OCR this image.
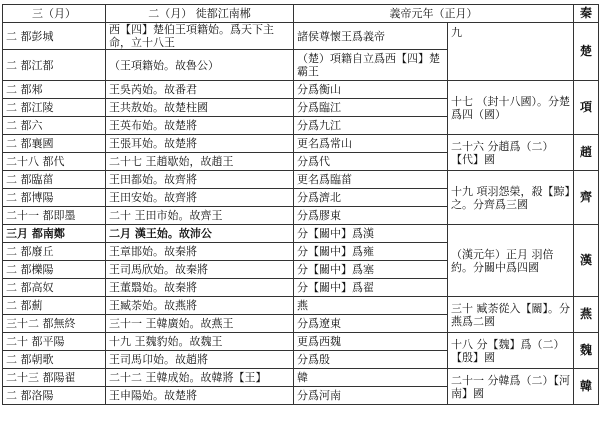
三（月）	二（月） 徙都江南郴	義帝元年（正月）		秦
二 都彭城	西【四】楚伯王項籍始。爲天下主命，立十八王	諸侯尊懷王爲義帝	九	楚
二 都江都	（王項籍始。故魯公）	（楚）項籍自立爲西【四】楚霸王		
二 都邾	王吳芮始。故番君	分爲衡山	十七 （封十八國）。分楚爲四（國）	項
二 都江陵	王共敖始。故楚柱國	分爲臨江		
二 都六	王英布始。故楚將	分爲九江		
二 都襄國	王張耳始。故楚將	更名爲常山	二十六 分趙爲（二）【代】國	趙
二十八 都代	二十七 王趙歇始，故趙王	分爲代		
二 都臨菑	王田都始。故齊將	更名爲臨菑	十九 項羽怨榮，殺【黥】之。分齊爲三國	齊
二 都博陽	王田安始。故齊將	分爲濟北		
二十一 都即墨	二十 王田市始。故齊王	分爲膠東		
三月 都南鄭	二月 漢王始。故沛公	分【關中】爲漢	（漢元年）正月 羽倍約。分關中爲四國	漢
二 都廢丘	王章邯始。故秦將	分【關中】爲雍		
二 都櫟陽	王司馬欣始。故秦將	分【關中】爲塞		
二 都高奴	王董翳始。故秦將	分【關中】爲翟		
二 都薊	王臧荼始。故燕將	燕	三十 臧荼從入【關】。分燕爲二國	燕
三十二 都無終	三十一 王韓廣始。故燕王	分爲遼東		
二十 都平陽	十九 王魏豹始。故魏王	更爲西魏	十八 分【魏】爲（二）【殷】國	魏
二 都朝歌	王司馬卬始。故趙將	分爲殷		
二十三 都陽翟	二十二 王韓成始。故韓將【王】	韓	二十一 分韓爲（二）【河南】國	韓
二 都洛陽	王申陽始。故楚將	分爲河南		
